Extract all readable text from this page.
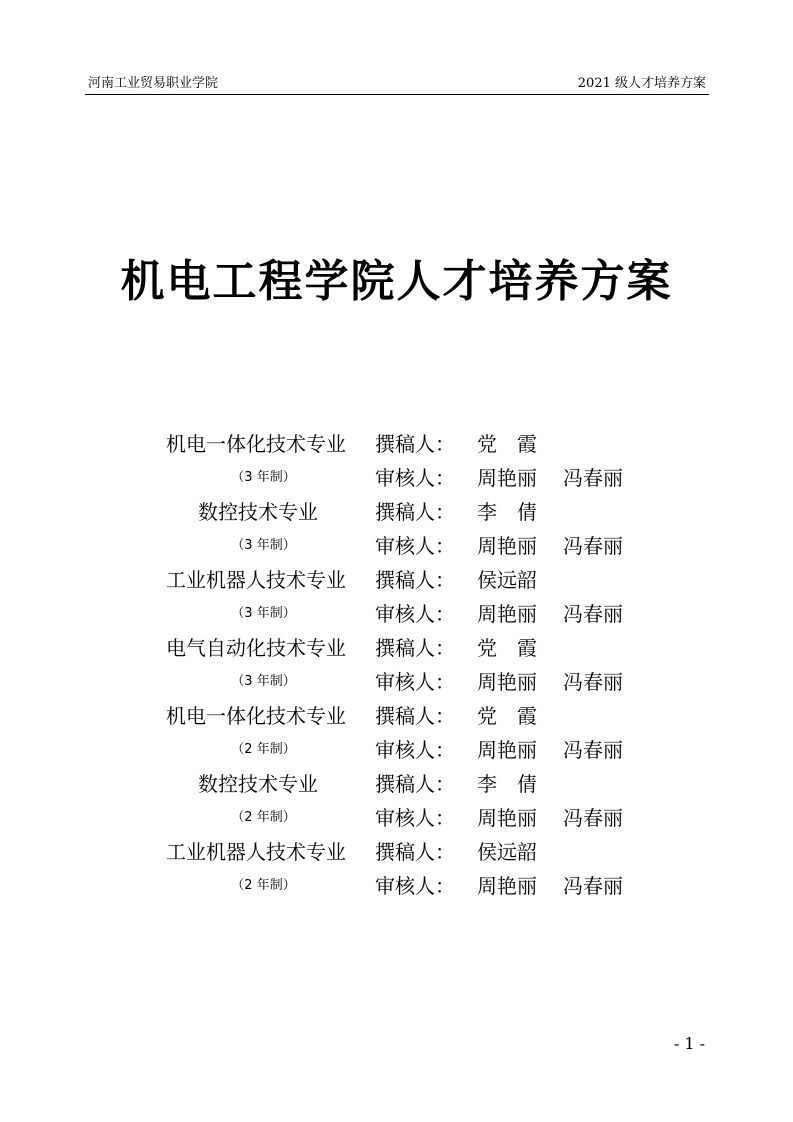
河南工业贸易职业学院	2021 级人才培养方案
机电工程学院人才培养方案
机电一体化技术专业	撰稿人： 党　霞
（3 年制）	审核人： 周艳丽 冯春丽
数控技术专业	撰稿人： 李　倩
（3 年制）	审核人： 周艳丽 冯春丽
工业机器人技术专业	撰稿人： 侯远韶
（3 年制）	审核人： 周艳丽 冯春丽
电气自动化技术专业	撰稿人： 党　霞
（3 年制）	审核人： 周艳丽 冯春丽
机电一体化技术专业	撰稿人： 党　霞
（2 年制）	审核人： 周艳丽 冯春丽
数控技术专业	撰稿人： 李　倩
（2 年制）	审核人： 周艳丽 冯春丽
工业机器人技术专业	撰稿人： 侯远韶
（2 年制）	审核人： 周艳丽 冯春丽
- 1 -
